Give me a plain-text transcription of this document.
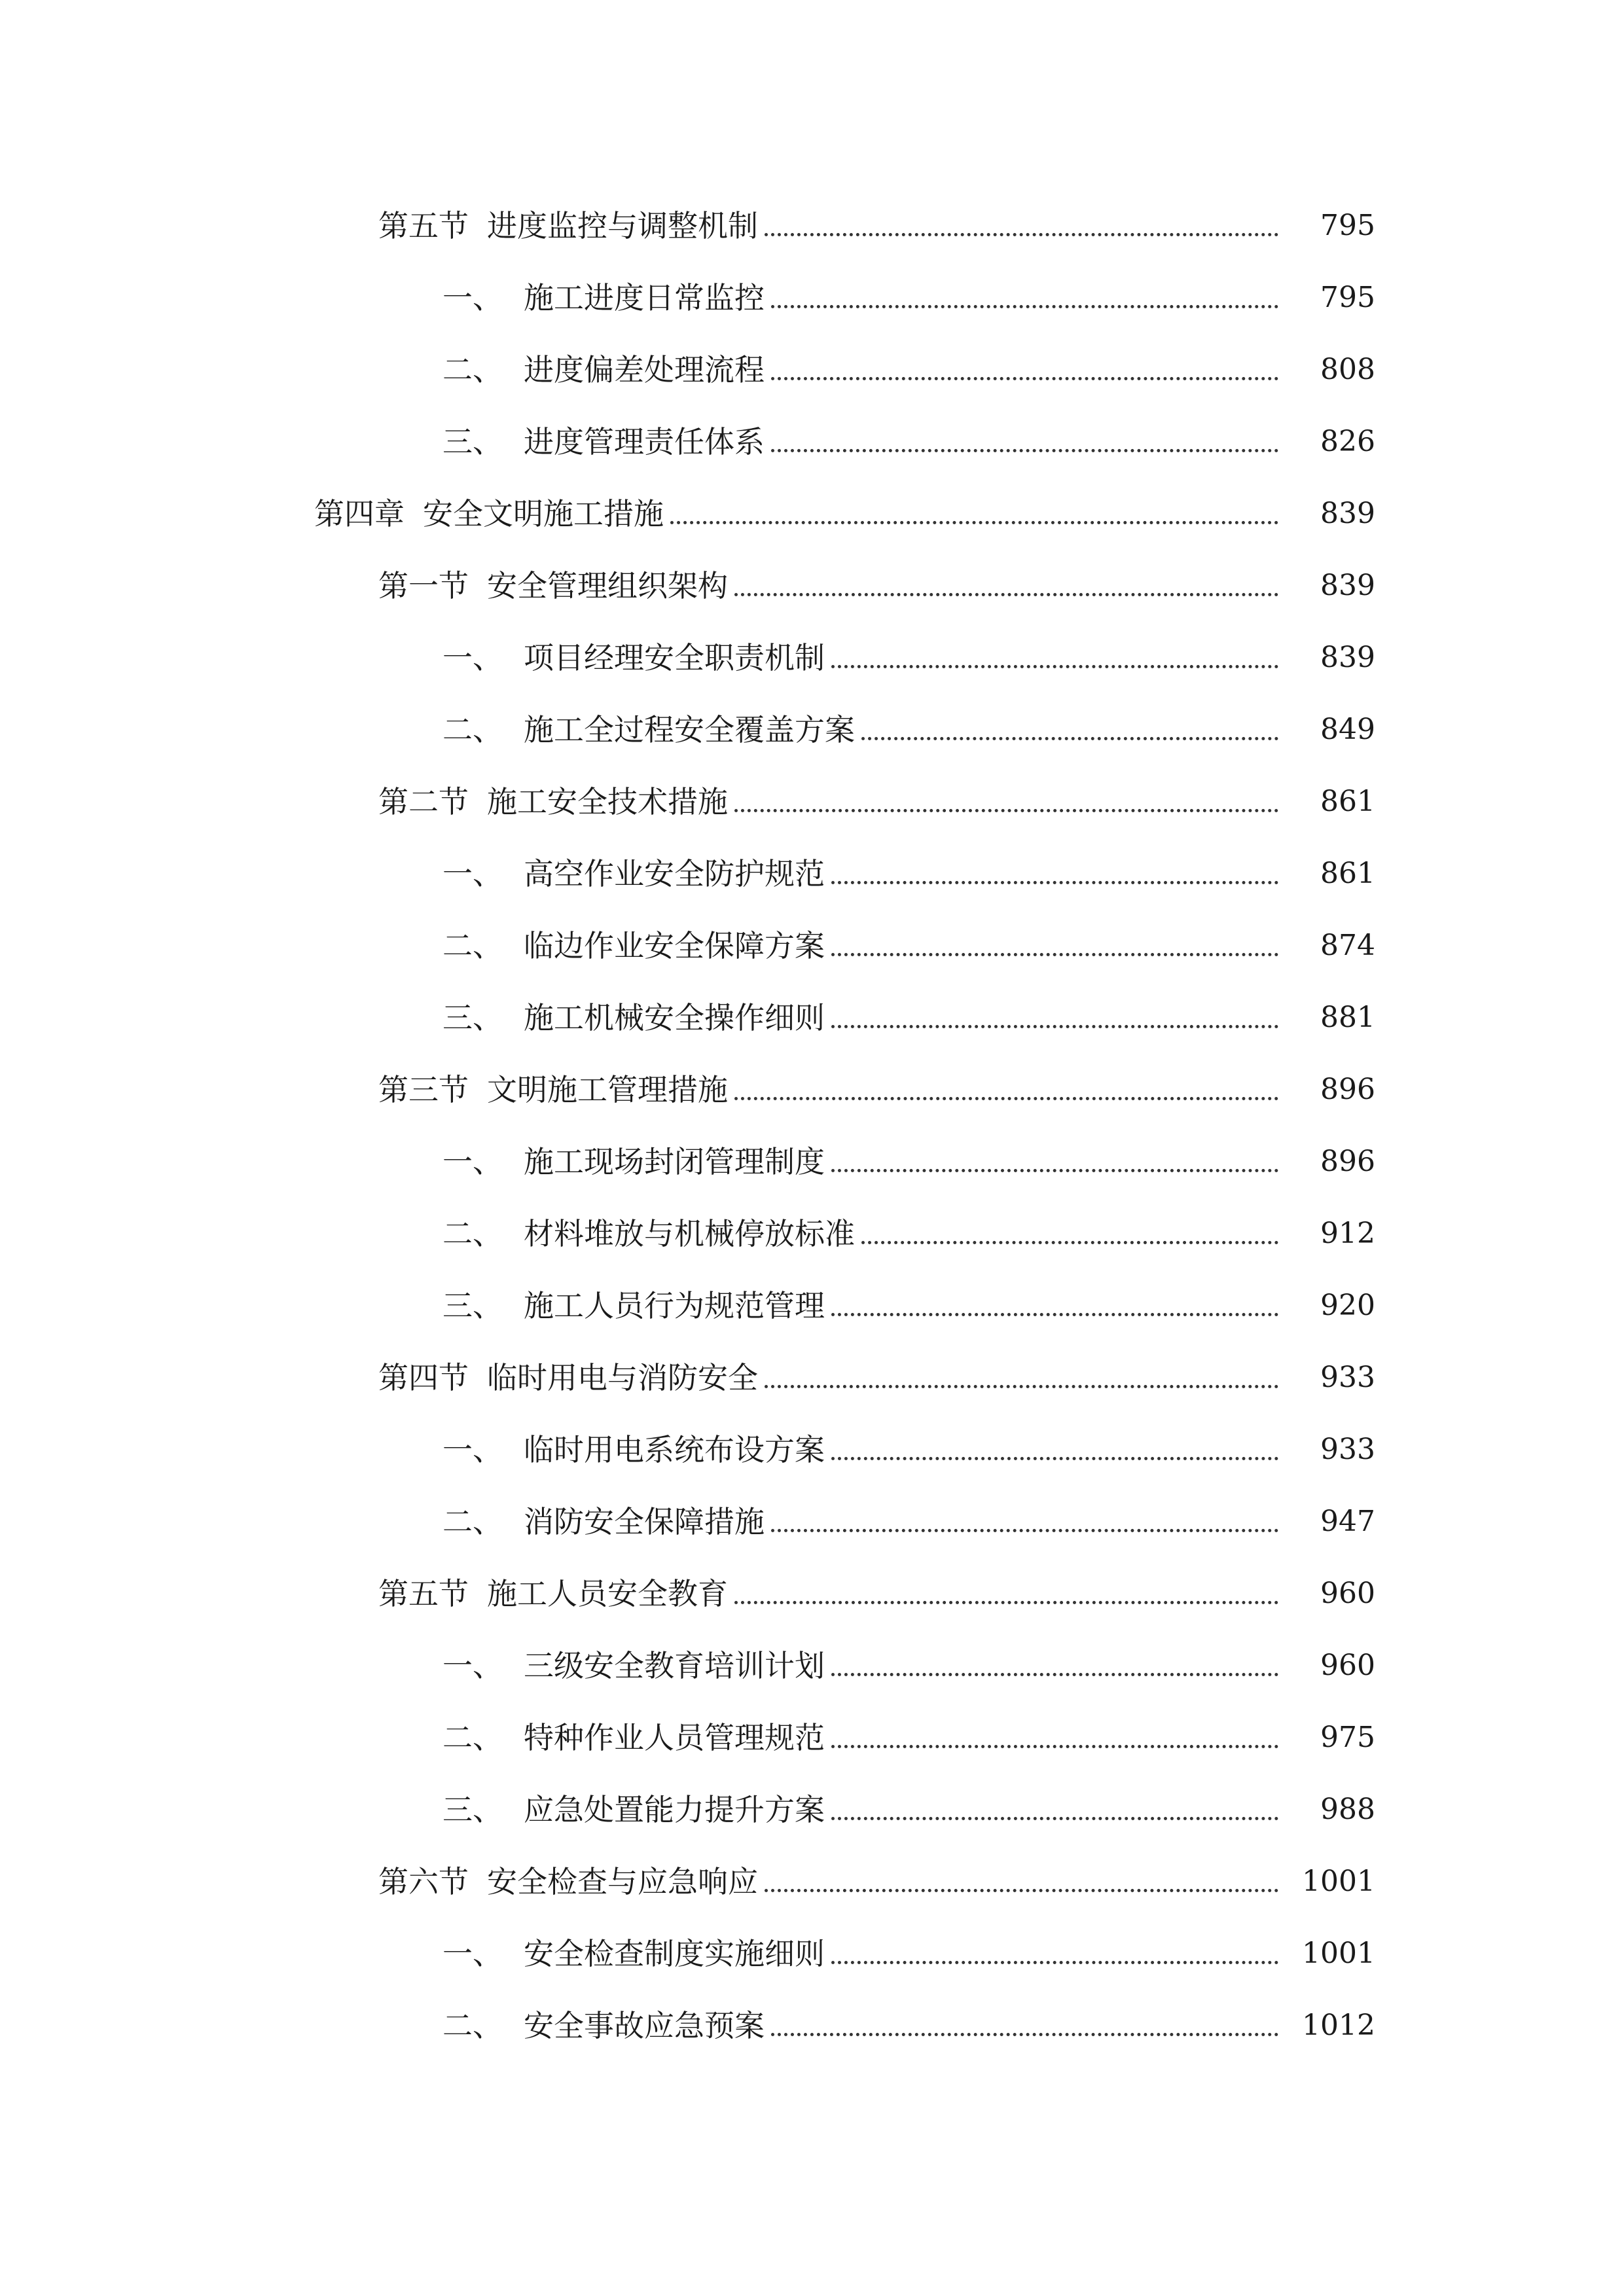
第五节 进度监控与调整机制	795
一、 施工进度日常监控	795
二、 进度偏差处理流程	808
三、 进度管理责任体系	826
第四章 安全文明施工措施	839
第一节 安全管理组织架构	839
一、 项目经理安全职责机制	839
二、 施工全过程安全覆盖方案	849
第二节 施工安全技术措施	861
一、 高空作业安全防护规范	861
二、 临边作业安全保障方案	874
三、 施工机械安全操作细则	881
第三节 文明施工管理措施	896
一、 施工现场封闭管理制度	896
二、 材料堆放与机械停放标准	912
三、 施工人员行为规范管理	920
第四节 临时用电与消防安全	933
一、 临时用电系统布设方案	933
二、 消防安全保障措施	947
第五节 施工人员安全教育	960
一、 三级安全教育培训计划	960
二、 特种作业人员管理规范	975
三、 应急处置能力提升方案	988
第六节 安全检查与应急响应	1001
一、 安全检查制度实施细则	1001
二、 安全事故应急预案	1012
